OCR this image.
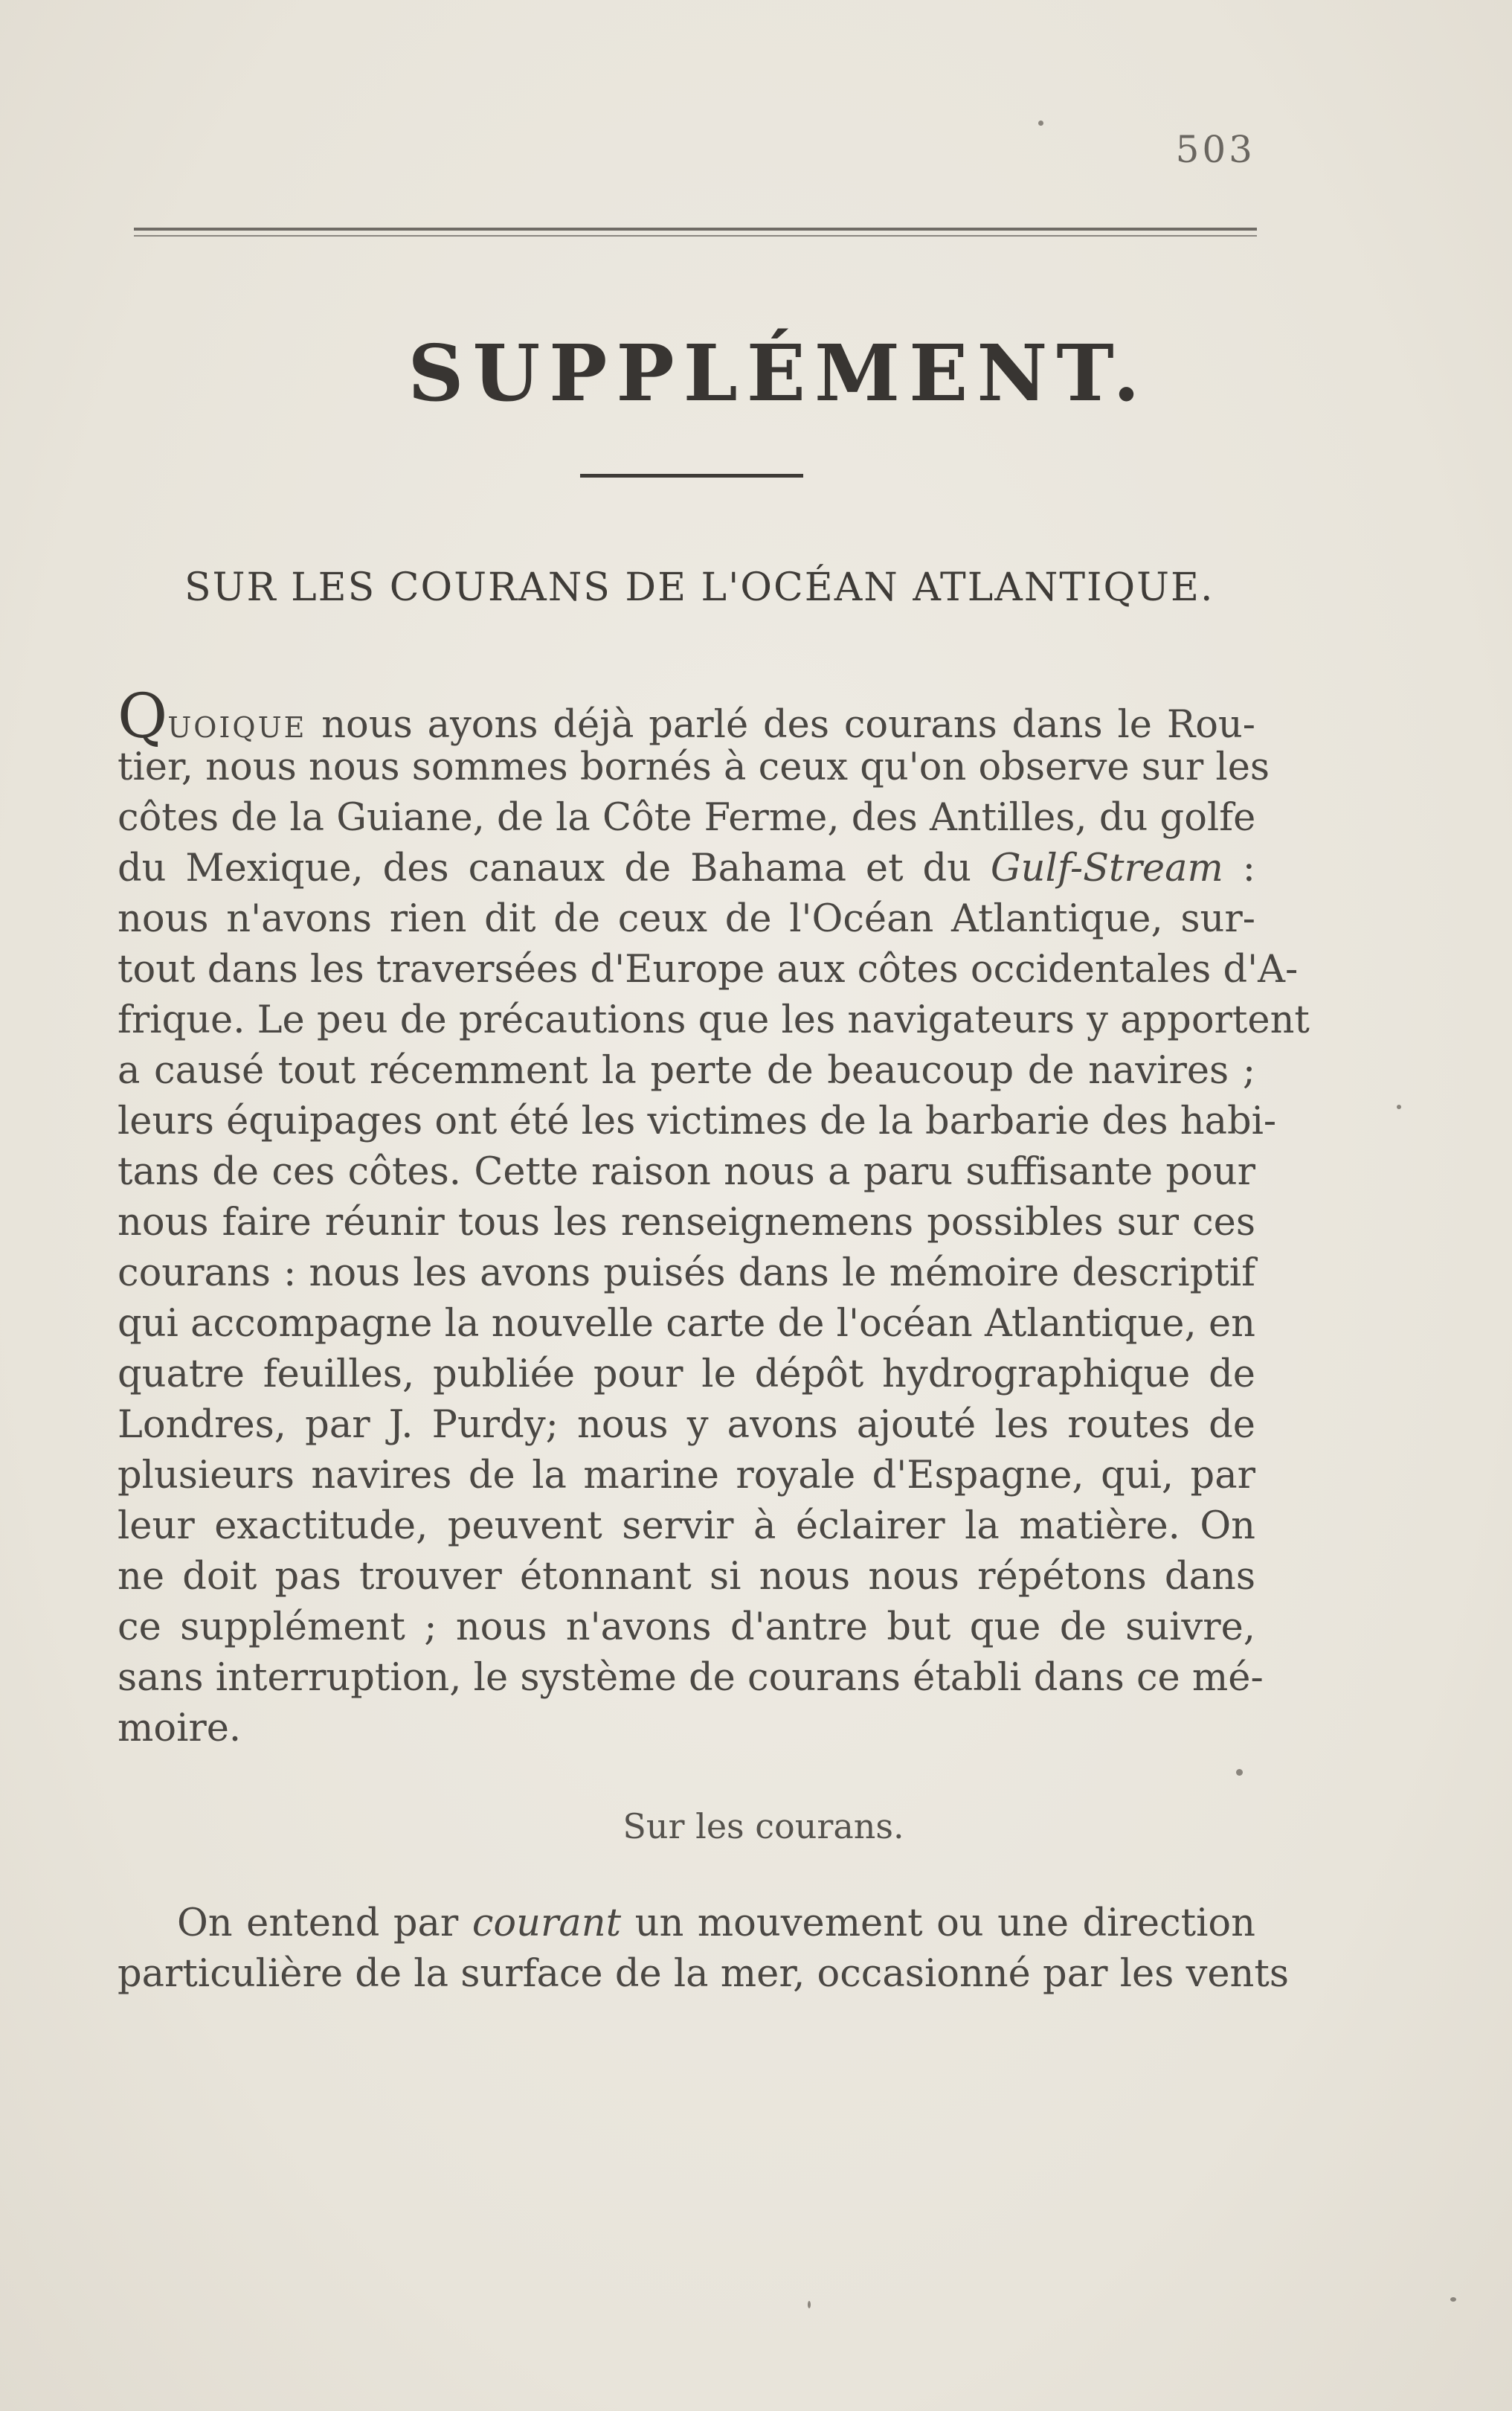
503
SUPPLÉMENT.
SUR LES COURANS DE L'OCÉAN ATLANTIQUE.
QUOIQUE nous ayons déjà parlé des courans dans le Rou-
tier, nous nous sommes bornés à ceux qu'on observe sur les
côtes de la Guiane, de la Côte Ferme, des Antilles, du golfe
du Mexique, des canaux de Bahama et du Gulf-Stream :
nous n'avons rien dit de ceux de l'Océan Atlantique, sur-
tout dans les traversées d'Europe aux côtes occidentales d'A-
frique. Le peu de précautions que les navigateurs y apportent
a causé tout récemment la perte de beaucoup de navires ;
leurs équipages ont été les victimes de la barbarie des habi-
tans de ces côtes. Cette raison nous a paru suffisante pour
nous faire réunir tous les renseignemens possibles sur ces
courans : nous les avons puisés dans le mémoire descriptif
qui accompagne la nouvelle carte de l'océan Atlantique, en
quatre feuilles, publiée pour le dépôt hydrographique de
Londres, par J. Purdy; nous y avons ajouté les routes de
plusieurs navires de la marine royale d'Espagne, qui, par
leur exactitude, peuvent servir à éclairer la matière. On
ne doit pas trouver étonnant si nous nous répétons dans
ce supplément ; nous n'avons d'antre but que de suivre,
sans interruption, le système de courans établi dans ce mé-
moire.
Sur les courans.
On entend par courant un mouvement ou une direction
particulière de la surface de la mer, occasionné par les vents
